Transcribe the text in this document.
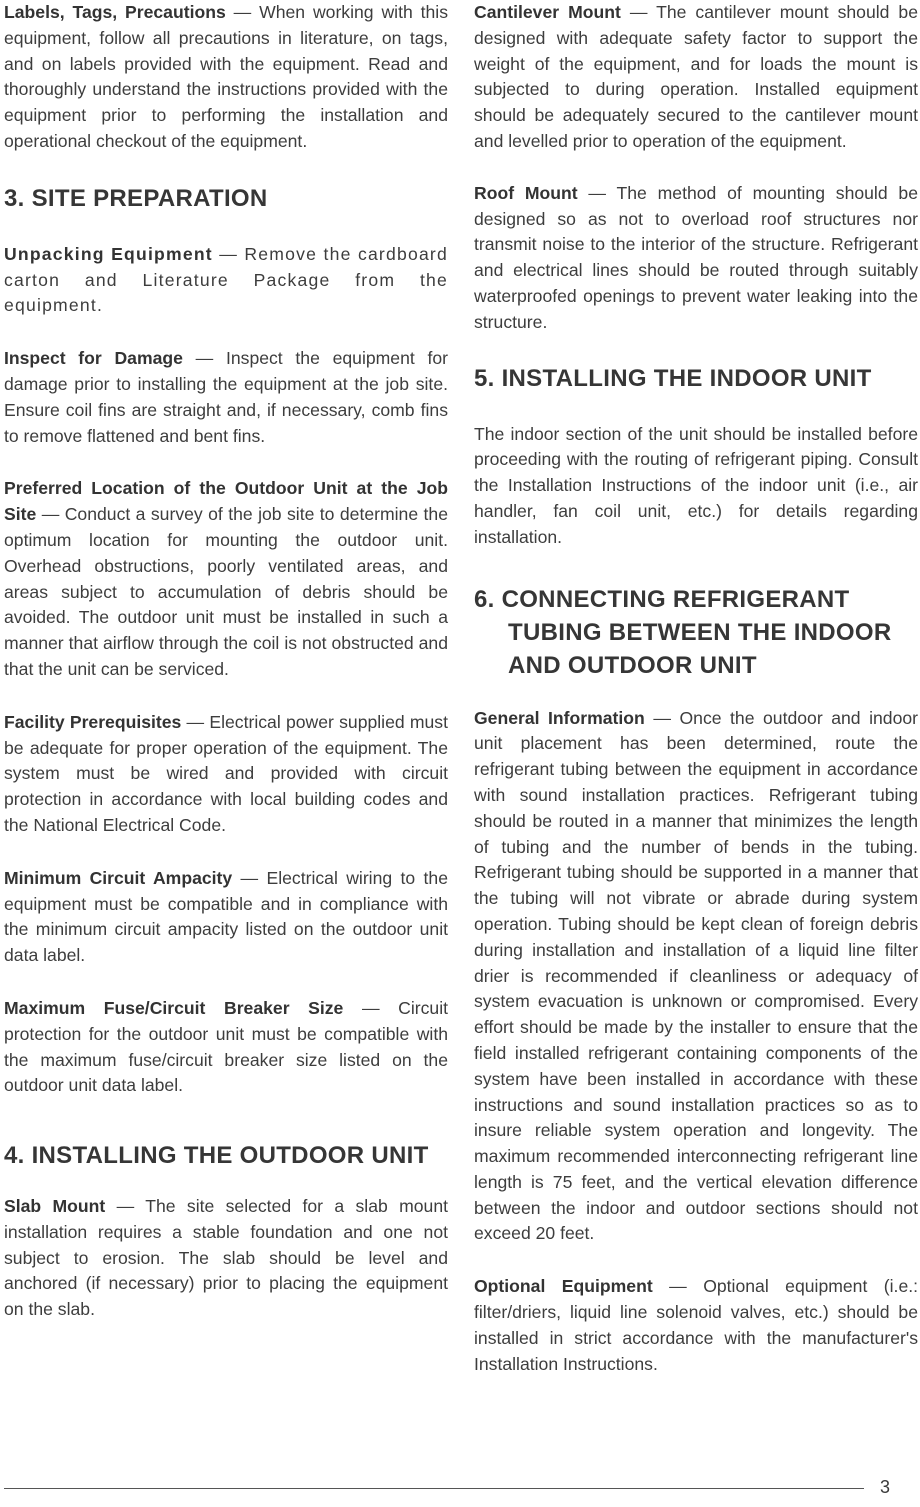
Labels, Tags, Precautions — When working with this equipment, follow all precautions in literature, on tags, and on labels provided with the equipment. Read and thoroughly understand the instructions provided with the equipment prior to performing the installation and operational checkout of the equipment.

3. SITE PREPARATION

Unpacking Equipment — Remove the cardboard carton and Literature Package from the equipment.

Inspect for Damage — Inspect the equipment for damage prior to installing the equipment at the job site. Ensure coil fins are straight and, if necessary, comb fins to remove flattened and bent fins.

Preferred Location of the Outdoor Unit at the Job Site — Conduct a survey of the job site to determine the optimum location for mounting the outdoor unit. Overhead obstructions, poorly ventilated areas, and areas subject to accumulation of debris should be avoided. The outdoor unit must be installed in such a manner that airflow through the coil is not obstructed and that the unit can be serviced.

Facility Prerequisites — Electrical power supplied must be adequate for proper operation of the equipment. The system must be wired and provided with circuit protection in accordance with local building codes and the National Electrical Code.

Minimum Circuit Ampacity — Electrical wiring to the equipment must be compatible and in compliance with the minimum circuit ampacity listed on the outdoor unit data label.

Maximum Fuse/Circuit Breaker Size — Circuit protection for the outdoor unit must be compatible with the maximum fuse/circuit breaker size listed on the outdoor unit data label.

4. INSTALLING THE OUTDOOR UNIT

Slab Mount — The site selected for a slab mount installation requires a stable foundation and one not subject to erosion. The slab should be level and anchored (if necessary) prior to placing the equipment on the slab.

Cantilever Mount — The cantilever mount should be designed with adequate safety factor to support the weight of the equipment, and for loads the mount is subjected to during operation. Installed equipment should be adequately secured to the cantilever mount and levelled prior to operation of the equipment.

Roof Mount — The method of mounting should be designed so as not to overload roof structures nor transmit noise to the interior of the structure. Refrigerant and electrical lines should be routed through suitably waterproofed openings to prevent water leaking into the structure.

5. INSTALLING THE INDOOR UNIT

The indoor section of the unit should be installed before proceeding with the routing of refrigerant piping. Consult the Installation Instructions of the indoor unit (i.e., air handler, fan coil unit, etc.) for details regarding installation.

6. CONNECTING REFRIGERANT TUBING BETWEEN THE INDOOR AND OUTDOOR UNIT

General Information — Once the outdoor and indoor unit placement has been determined, route the refrigerant tubing between the equipment in accordance with sound installation practices. Refrigerant tubing should be routed in a manner that minimizes the length of tubing and the number of bends in the tubing. Refrigerant tubing should be supported in a manner that the tubing will not vibrate or abrade during system operation. Tubing should be kept clean of foreign debris during installation and installation of a liquid line filter drier is recommended if cleanliness or adequacy of system evacuation is unknown or compromised. Every effort should be made by the installer to ensure that the field installed refrigerant containing components of the system have been installed in accordance with these instructions and sound installation practices so as to insure reliable system operation and longevity. The maximum recommended interconnecting refrigerant line length is 75 feet, and the vertical elevation difference between the indoor and outdoor sections should not exceed 20 feet.

Optional Equipment — Optional equipment (i.e.: filter/driers, liquid line solenoid valves, etc.) should be installed in strict accordance with the manufacturer's Installation Instructions.

3
